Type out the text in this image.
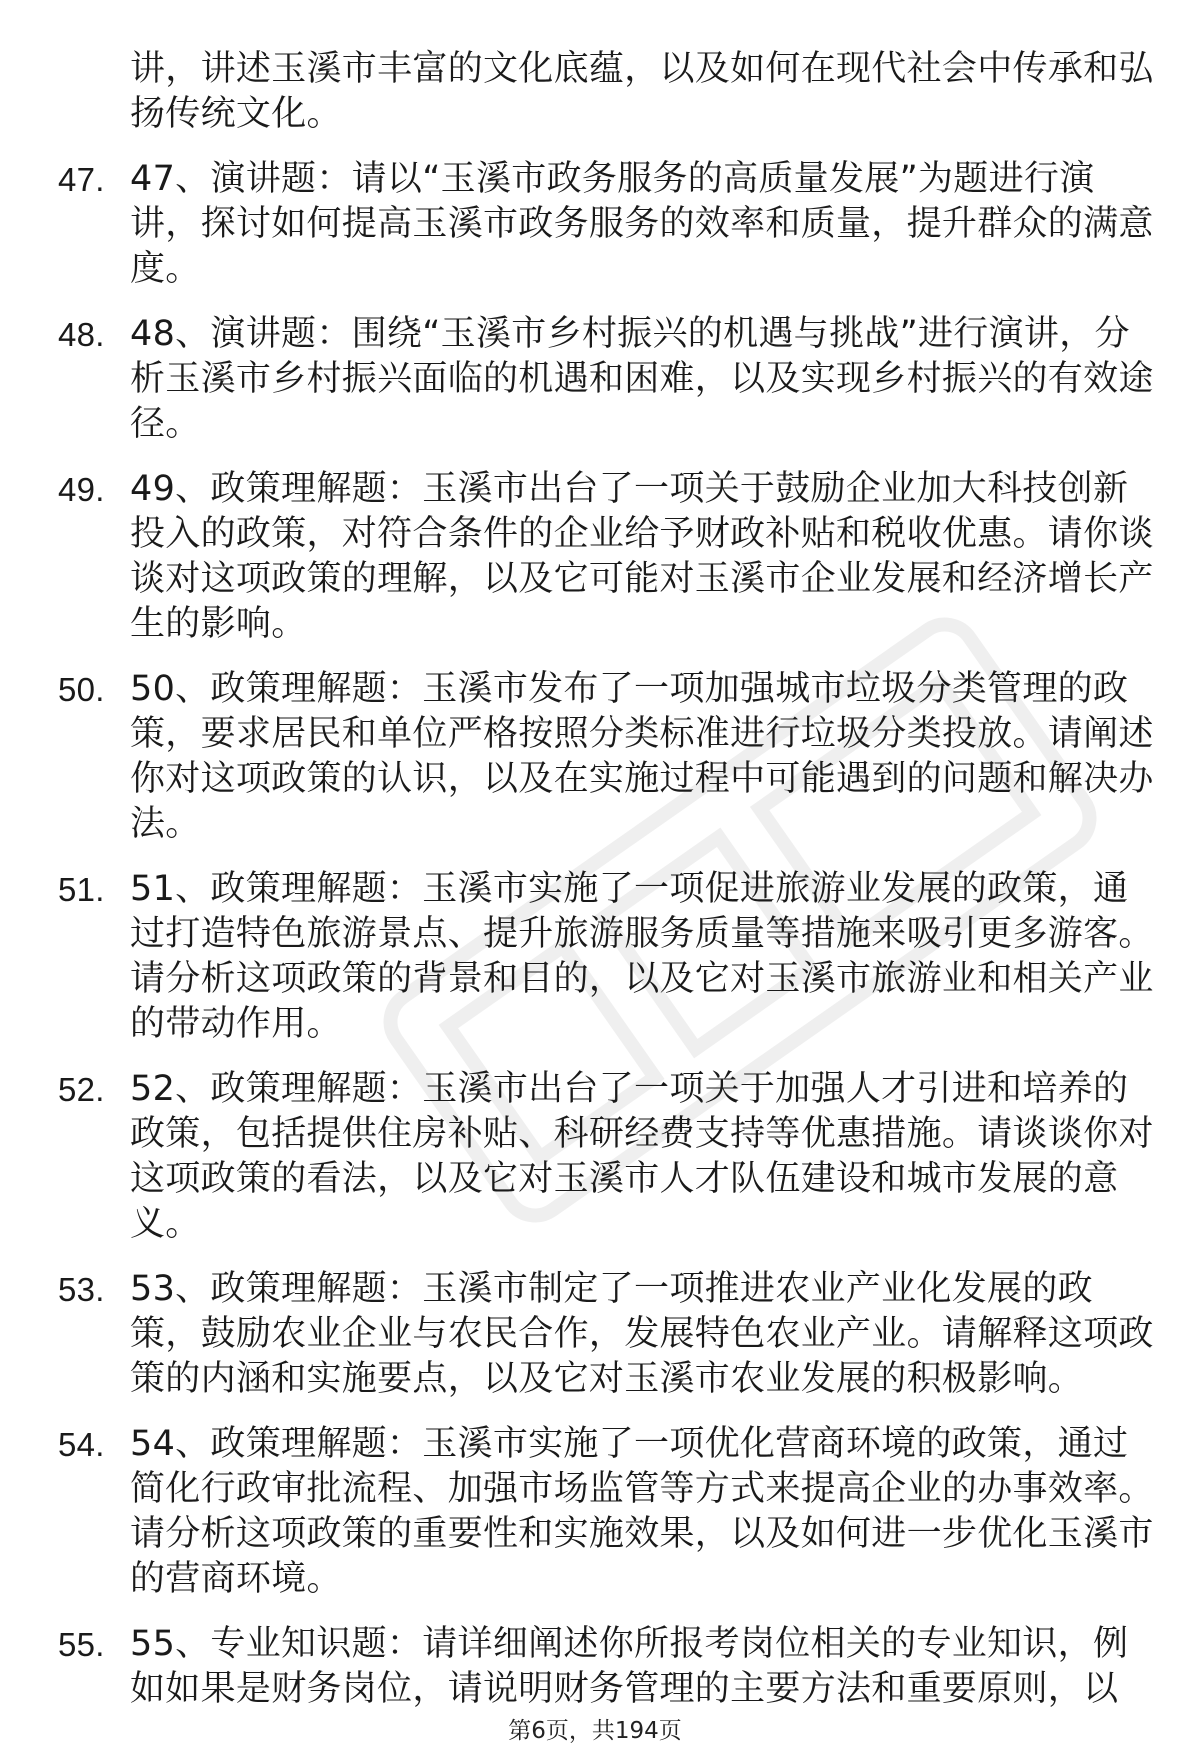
讲，讲述玉溪市丰富的文化底蕴，以及如何在现代社会中传承和弘扬传统文化。
47. 47、演讲题：请以“玉溪市政务服务的高质量发展”为题进行演讲，探讨如何提高玉溪市政务服务的效率和质量，提升群众的满意度。
48. 48、演讲题：围绕“玉溪市乡村振兴的机遇与挑战”进行演讲，分析玉溪市乡村振兴面临的机遇和困难，以及实现乡村振兴的有效途径。
49. 49、政策理解题：玉溪市出台了一项关于鼓励企业加大科技创新投入的政策，对符合条件的企业给予财政补贴和税收优惠。请你谈谈对这项政策的理解，以及它可能对玉溪市企业发展和经济增长产生的影响。
50. 50、政策理解题：玉溪市发布了一项加强城市垃圾分类管理的政策，要求居民和单位严格按照分类标准进行垃圾分类投放。请阐述你对这项政策的认识，以及在实施过程中可能遇到的问题和解决办法。
51. 51、政策理解题：玉溪市实施了一项促进旅游业发展的政策，通过打造特色旅游景点、提升旅游服务质量等措施来吸引更多游客。请分析这项政策的背景和目的，以及它对玉溪市旅游业和相关产业的带动作用。
52. 52、政策理解题：玉溪市出台了一项关于加强人才引进和培养的政策，包括提供住房补贴、科研经费支持等优惠措施。请谈谈你对这项政策的看法，以及它对玉溪市人才队伍建设和城市发展的意义。
53. 53、政策理解题：玉溪市制定了一项推进农业产业化发展的政策，鼓励农业企业与农民合作，发展特色农业产业。请解释这项政策的内涵和实施要点，以及它对玉溪市农业发展的积极影响。
54. 54、政策理解题：玉溪市实施了一项优化营商环境的政策，通过简化行政审批流程、加强市场监管等方式来提高企业的办事效率。请分析这项政策的重要性和实施效果，以及如何进一步优化玉溪市的营商环境。
55. 55、专业知识题：请详细阐述你所报考岗位相关的专业知识，例如如果是财务岗位，请说明财务管理的主要方法和重要原则，以
第6页，共194页
